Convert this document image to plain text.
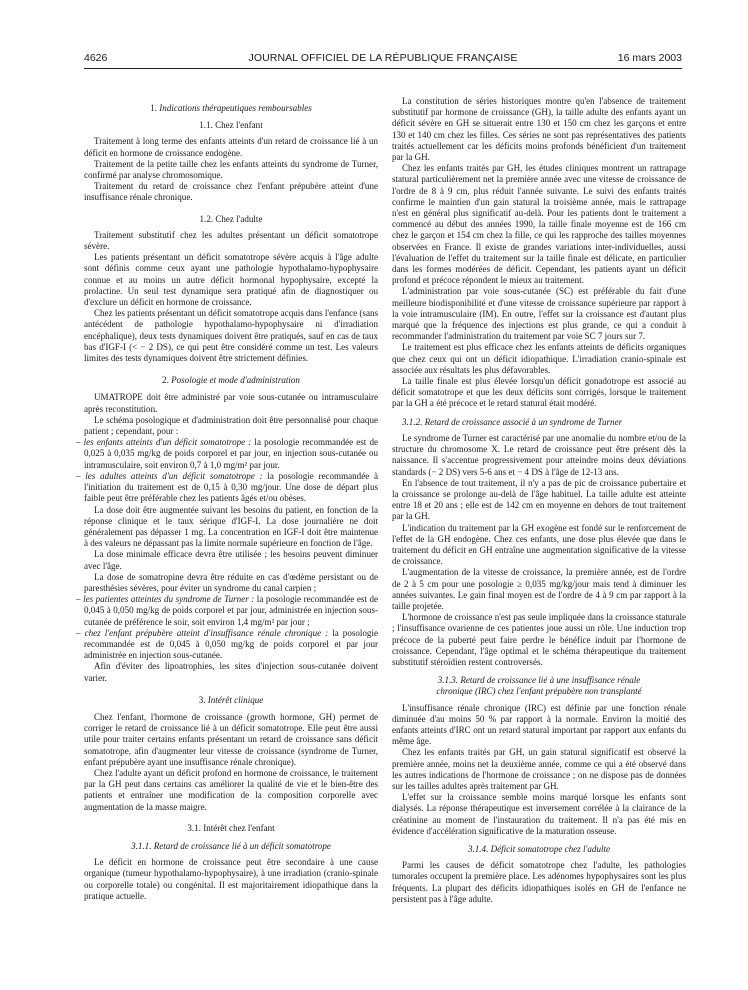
4626	JOURNAL OFFICIEL DE LA RÉPUBLIQUE FRANÇAISE	16 mars 2003
1. Indications thérapeutiques remboursables
1.1. Chez l'enfant

Traitement à long terme des enfants atteints d'un retard de croissance lié à un déficit en hormone de croissance endogène.

Traitement de la petite taille chez les enfants atteints du syndrome de Turner, confirmé par analyse chromosomique.

Traitement du retard de croissance chez l'enfant prépubère atteint d'une insuffisance rénale chronique.

1.2. Chez l'adulte

Traitement substitutif chez les adultes présentant un déficit somatotrope sévère.

Les patients présentant un déficit somatotrope sévère acquis à l'âge adulte sont définis comme ceux ayant une pathologie hypothalamo-hypophysaire connue et au moins un autre déficit hormonal hypophysaire, excepté la prolactine. Un seul test dynamique sera pratiqué afin de diagnostiquer ou d'exclure un déficit en hormone de croissance.

Chez les patients présentant un déficit somatotrope acquis dans l'enfance (sans antécédent de pathologie hypothalamo-hypophysaire ni d'irradiation encéphalique), deux tests dynamiques doivent être pratiqués, sauf en cas de taux bas d'IGF-I (< − 2 DS), ce qui peut être considéré comme un test. Les valeurs limites des tests dynamiques doivent être strictement définies.

2. Posologie et mode d'administration

UMATROPE doit être administré par voie sous-cutanée ou intramusculaire après reconstitution.

Le schéma posologique et d'administration doit être personnalisé pour chaque patient ; cependant, pour :

– les enfants atteints d'un déficit somatotrope : la posologie recommandée est de 0,025 à 0,035 mg/kg de poids corporel et par jour, en injection sous-cutanée ou intramusculaire, soit environ 0,7 à 1,0 mg/m² par jour.

– les adultes atteints d'un déficit somatotrope : la posologie recommandée à l'initiation du traitement est de 0,15 à 0,30 mg/jour. Une dose de départ plus faible peut être préférable chez les patients âgés et/ou obèses.

La dose doit être augmentée suivant les besoins du patient, en fonction de la réponse clinique et le taux sérique d'IGF-I. La dose journalière ne doit généralement pas dépasser 1 mg. La concentration en IGF-I doit être maintenue à des valeurs ne dépassant pas la limite normale supérieure en fonction de l'âge.

La dose minimale efficace devra être utilisée ; les besoins peuvent diminuer avec l'âge.

La dose de somatropine devra être réduite en cas d'œdème persistant ou de paresthésies sévères, pour éviter un syndrome du canal carpien ;

– les patientes atteintes du syndrome de Turner : la posologie recommandée est de 0,045 à 0,050 mg/kg de poids corporel et par jour, administrée en injection sous-cutanée de préférence le soir, soit environ 1,4 mg/m² par jour ;

– chez l'enfant prépubère atteint d'insuffisance rénale chronique : la posologie recommandée est de 0,045 à 0,050 mg/kg de poids corporel et par jour administrée en injection sous-cutanée.

Afin d'éviter des lipoatrophies, les sites d'injection sous-cutanée doivent varier.

3. Intérêt clinique

Chez l'enfant, l'hormone de croissance (growth hormone, GH) permet de corriger le retard de croissance lié à un déficit somatotrope. Elle peut être aussi utile pour traiter certains enfants présentant un retard de croissance sans déficit somatotrope, afin d'augmenter leur vitesse de croissance (syndrome de Turner, enfant prépubère ayant une insuffisance rénale chronique).

Chez l'adulte ayant un déficit profond en hormone de croissance, le traitement par la GH peut dans certains cas améliorer la qualité de vie et le bien-être des patients et entraîner une modification de la composition corporelle avec augmentation de la masse maigre.

3.1. Intérêt chez l'enfant
3.1.1. Retard de croissance lié à un déficit somatotrope

Le déficit en hormone de croissance peut être secondaire à une cause organique (tumeur hypothalamo-hypophysaire), à une irradiation (cranio-spinale ou corporelle totale) ou congénital. Il est majoritairement idiopathique dans la pratique actuelle.

La constitution de séries historiques montre qu'en l'absence de traitement substitutif par hormone de croissance (GH), la taille adulte des enfants ayant un déficit sévère en GH se situerait entre 130 et 150 cm chez les garçons et entre 130 et 140 cm chez les filles. Ces séries ne sont pas représentatives des patients traités actuellement car les déficits moins profonds bénéficient d'un traitement par la GH.

Chez les enfants traités par GH, les études cliniques montrent un rattrapage statural particulièrement net la première année avec une vitesse de croissance de l'ordre de 8 à 9 cm, plus réduit l'année suivante. Le suivi des enfants traités confirme le maintien d'un gain statural la troisième année, mais le rattrapage n'est en général plus significatif au-delà. Pour les patients dont le traitement a commencé au début des années 1990, la taille finale moyenne est de 166 cm chez le garçon et 154 cm chez la fille, ce qui les rapproche des tailles moyennes observées en France. Il existe de grandes variations inter-individuelles, aussi l'évaluation de l'effet du traitement sur la taille finale est délicate, en particulier dans les formes modérées de déficit. Cependant, les patients ayant un déficit profond et précoce répondent le mieux au traitement.

L'administration par voie sous-cutanée (SC) est préférable du fait d'une meilleure biodisponibilité et d'une vitesse de croissance supérieure par rapport à la voie intramusculaire (IM). En outre, l'effet sur la croissance est d'autant plus marqué que la fréquence des injections est plus grande, ce qui a conduit à recommander l'administration du traitement par voie SC 7 jours sur 7.

Le traitement est plus efficace chez les enfants atteints de déficits organiques que chez ceux qui ont un déficit idiopathique. L'irradiation cranio-spinale est associée aux résultats les plus défavorables.

La taille finale est plus élevée lorsqu'un déficit gonadotrope est associé au déficit somatotrope et que les deux déficits sont corrigés, lorsque le traitement par la GH a été précoce et le retard statural était modéré.

3.1.2. Retard de croissance associé à un syndrome de Turner

Le syndrome de Turner est caractérisé par une anomalie du nombre et/ou de la structure du chromosome X. Le retard de croissance peut être présent dès la naissance. Il s'accentue progressivement pour atteindre moins deux déviations standards (− 2 DS) vers 5-6 ans et − 4 DS à l'âge de 12-13 ans.

En l'absence de tout traitement, il n'y a pas de pic de croissance pubertaire et la croissance se prolonge au-delà de l'âge habituel. La taille adulte est atteinte entre 18 et 20 ans ; elle est de 142 cm en moyenne en dehors de tout traitement par la GH.

L'indication du traitement par la GH exogène est fondé sur le renforcement de l'effet de la GH endogène. Chez ces enfants, une dose plus élevée que dans le traitement du déficit en GH entraîne une augmentation significative de la vitesse de croissance.

L'augmentation de la vitesse de croissance, la première année, est de l'ordre de 2 à 5 cm pour une posologie ≥ 0,035 mg/kg/jour mais tend à diminuer les années suivantes. Le gain final moyen est de l'ordre de 4 à 9 cm par rapport à la taille projetée.

L'hormone de croissance n'est pas seule impliquée dans la croissance staturale ; l'insuffisance ovarienne de ces patientes joue aussi un rôle. Une induction trop précoce de la puberté peut faire perdre le bénéfice induit par l'hormone de croissance. Cependant, l'âge optimal et le schéma thérapeutique du traitement substitutif stéroïdien restent controversés.

3.1.3. Retard de croissance lié à une insuffisance rénale
chronique (IRC) chez l'enfant prépubère non transplanté

L'insuffisance rénale chronique (IRC) est définie par une fonction rénale diminuée d'au moins 50 % par rapport à la normale. Environ la moitié des enfants atteints d'IRC ont un retard statural important par rapport aux enfants du même âge.

Chez les enfants traités par GH, un gain statural significatif est observé la première année, moins net la deuxième année, comme ce qui a été observé dans les autres indications de l'hormone de croissance ; on ne dispose pas de données sur les tailles adultes après traitement par GH.

L'effet sur la croissance semble moins marqué lorsque les enfants sont dialysés. La réponse thérapeutique est inversement corrélée à la clairance de la créatinine au moment de l'instauration du traitement. Il n'a pas été mis en évidence d'accélération significative de la maturation osseuse.

3.1.4. Déficit somatotrope chez l'adulte

Parmi les causes de déficit somatotrope chez l'adulte, les pathologies tumorales occupent la première place. Les adénomes hypophysaires sont les plus fréquents. La plupart des déficits idiopathiques isolés en GH de l'enfance ne persistent pas à l'âge adulte.
